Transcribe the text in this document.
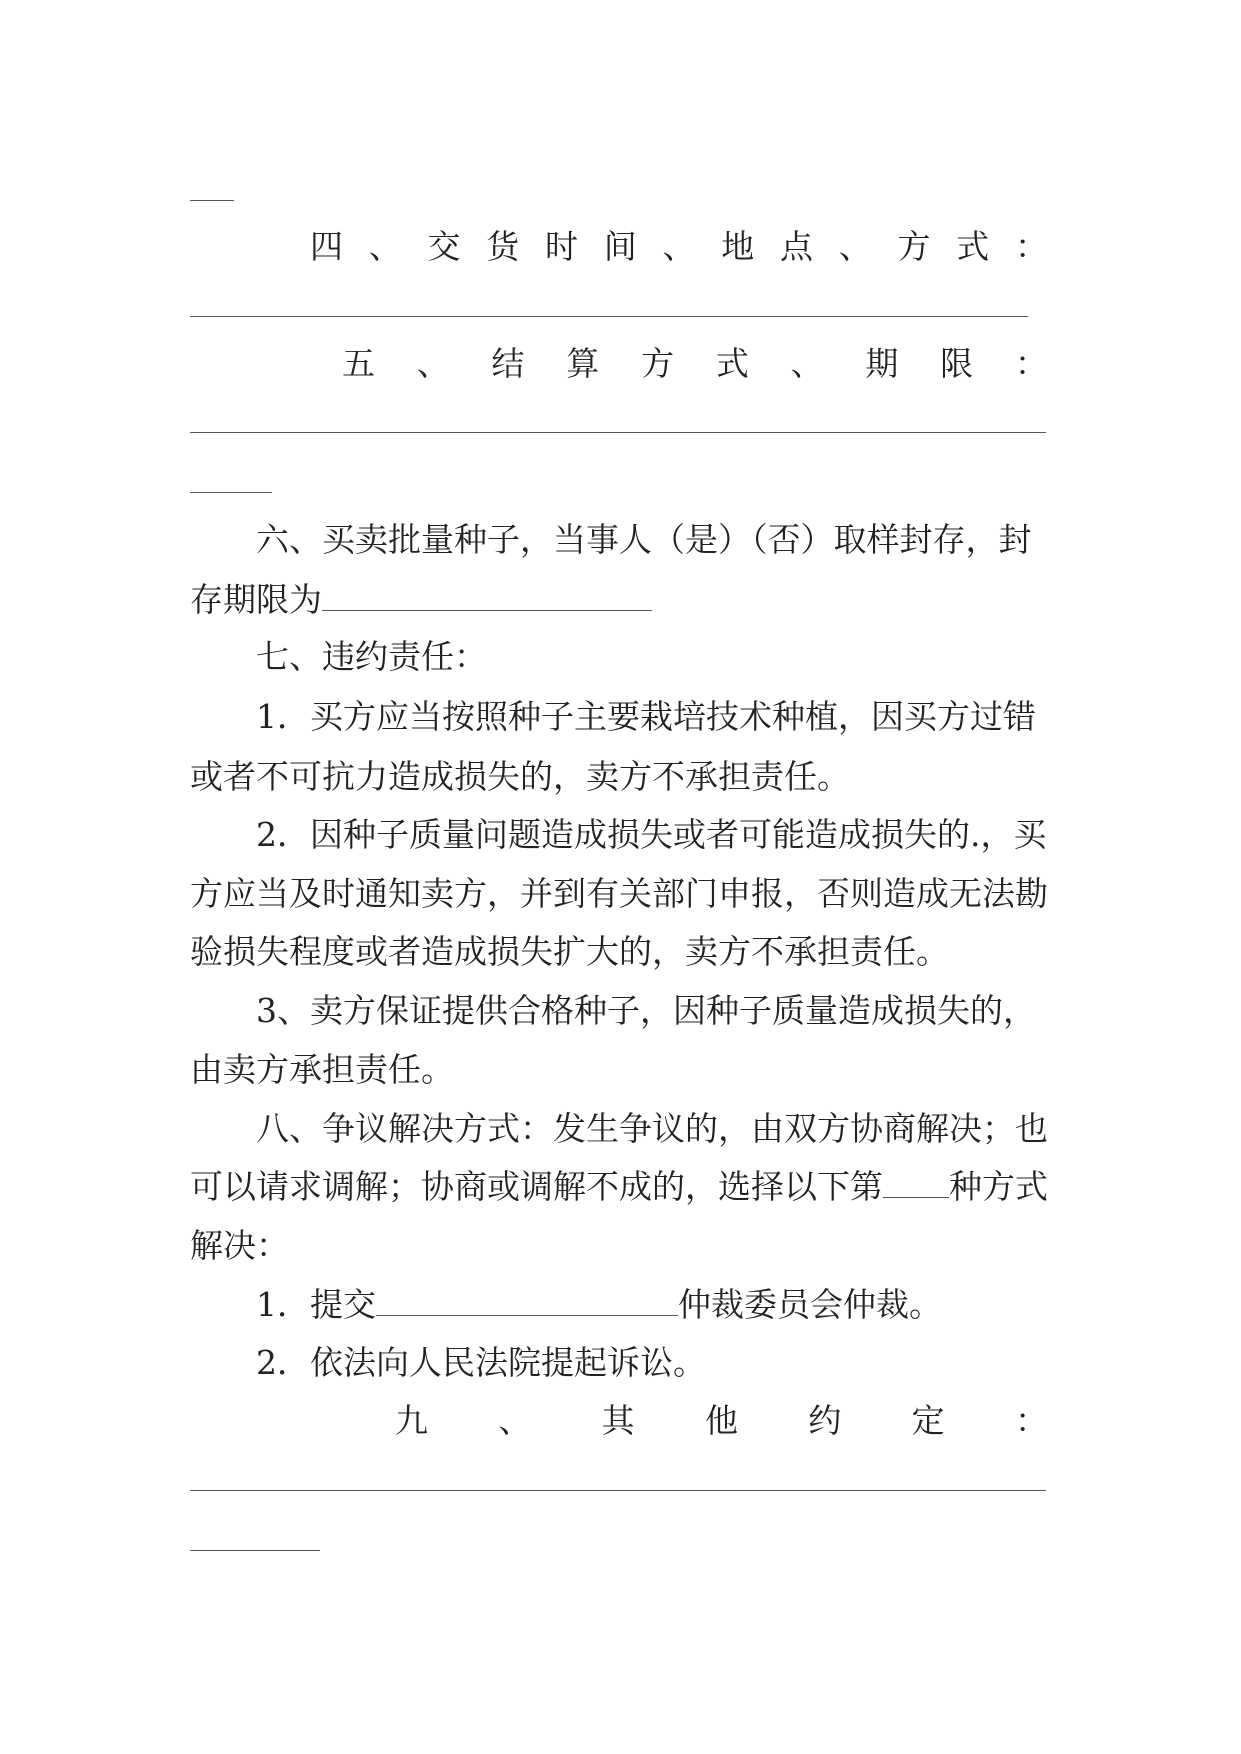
四 、 交 货 时 间 、 地 点 、 方 式 ：
五 、 结 算 方 式 、 期 限 ：
六、买卖批量种子，当事人（是）（否）取样封存，封
存期限为
七、违约责任：
1．买方应当按照种子主要栽培技术种植，因买方过错
或者不可抗力造成损失的，卖方不承担责任。
2．因种子质量问题造成损失或者可能造成损失的.，买
方应当及时通知卖方，并到有关部门申报，否则造成无法勘
验损失程度或者造成损失扩大的，卖方不承担责任。
3、卖方保证提供合格种子，因种子质量造成损失的，
由卖方承担责任。
八、争议解决方式：发生争议的，由双方协商解决；也
可以请求调解；协商或调解不成的，选择以下第 种方式
解决：
1．提交	仲裁委员会仲裁。
2．依法向人民法院提起诉讼。
九 、 其 他 约 定 ：
